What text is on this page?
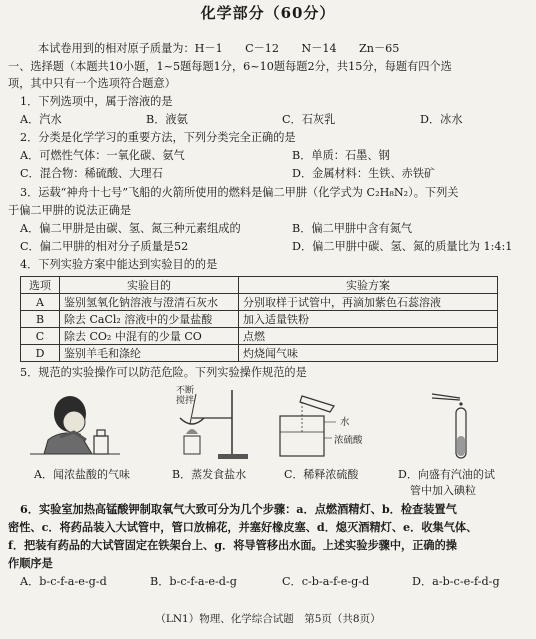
化学部分（60分）
本试卷用到的相对原子质量为：H－1　　C－12　　N－14　　Zn－65
一、选择题（本题共10小题，1~5题每题1分，6~10题每题2分，共15分，每题有四个选
项，其中只有一个选项符合题意）
1．下列选项中，属于溶液的是
A．汽水	B．液氨	C．石灰乳	D．冰水
2．分类是化学学习的重要方法，下列分类完全正确的是
A．可燃性气体：一氧化碳、氨气	B．单质：石墨、钢
C．混合物：稀硫酸、大理石	D．金属材料：生铁、赤铁矿
3．运载“神舟十七号”飞船的火箭所使用的燃料是偏二甲肼（化学式为 C₂H₈N₂）。下列关
于偏二甲肼的说法正确是
A．偏二甲肼是由碳、氢、氮三种元素组成的	B．偏二甲肼中含有氮气
C．偏二甲肼的相对分子质量是52	D．偏二甲肼中碳、氢、氮的质量比为 1:4:1
4．下列实验方案中能达到实验目的的是
选项	实验目的	实验方案
A	鉴别氢氧化钠溶液与澄清石灰水	分别取样于试管中，再滴加紫色石蕊溶液
B	除去 CaCl₂ 溶液中的少量盐酸	加入适量铁粉
C	除去 CO₂ 中混有的少量 CO	点燃
D	鉴别羊毛和涤纶	灼烧闻气味
5．规范的实验操作可以防范危险。下列实验操作规范的是
不断搅拌
水
浓硫酸
A．闻浓盐酸的气味	B．蒸发食盐水	C．稀释浓硫酸	D．向盛有汽油的试
管中加入碘粒
6．实验室加热高锰酸钾制取氧气大致可分为几个步骤：a．点燃酒精灯、b．检查装置气
密性、c．将药品装入大试管中，管口放棉花，并塞好橡皮塞、d．熄灭酒精灯、e．收集气体、
f．把装有药品的大试管固定在铁架台上、g．将导管移出水面。上述实验步骤中，正确的操
作顺序是
A．b-c-f-a-e-g-d	B．b-c-f-a-e-d-g	C．c-b-a-f-e-g-d	D．a-b-c-e-f-d-g
（LN1）物理、化学综合试题　第5页（共8页）
